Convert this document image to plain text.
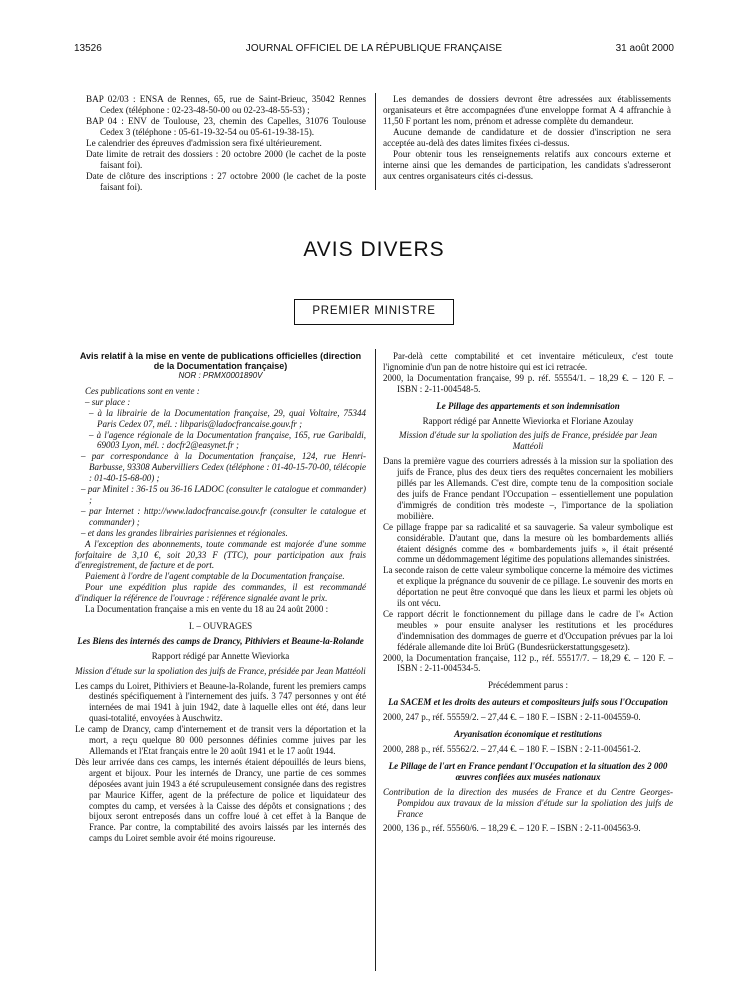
13526	JOURNAL OFFICIEL DE LA RÉPUBLIQUE FRANÇAISE	31 août 2000

BAP 02/03 : ENSA de Rennes, 65, rue de Saint-Brieuc, 35042 Rennes Cedex (téléphone : 02-23-48-50-00 ou 02-23-48-55-53) ;

BAP 04 : ENV de Toulouse, 23, chemin des Capelles, 31076 Toulouse Cedex 3 (téléphone : 05-61-19-32-54 ou 05-61-19-38-15).

Le calendrier des épreuves d'admission sera fixé ultérieurement.

Date limite de retrait des dossiers : 20 octobre 2000 (le cachet de la poste faisant foi).

Date de clôture des inscriptions : 27 octobre 2000 (le cachet de la poste faisant foi).

Les demandes de dossiers devront être adressées aux établissements organisateurs et être accompagnées d'une enveloppe format A 4 affranchie à 11,50 F portant les nom, prénom et adresse complète du demandeur.

Aucune demande de candidature et de dossier d'inscription ne sera acceptée au-delà des dates limites fixées ci-dessus.

Pour obtenir tous les renseignements relatifs aux concours externe et interne ainsi que les demandes de participation, les candidats s'adresseront aux centres organisateurs cités ci-dessus.

AVIS DIVERS
PREMIER MINISTRE

Avis relatif à la mise en vente de publications officielles (direction de la Documentation française)

NOR : PRMX0001890V

Ces publications sont en vente :

– sur place :

– à la librairie de la Documentation française, 29, quai Voltaire, 75344 Paris Cedex 07, mél. : libparis@ladocfrancaise.gouv.fr ;

– à l'agence régionale de la Documentation française, 165, rue Garibaldi, 69003 Lyon, mél. : docfr2@easynet.fr ;

– par correspondance à la Documentation française, 124, rue Henri-Barbusse, 93308 Aubervilliers Cedex (téléphone : 01-40-15-70-00, télécopie : 01-40-15-68-00) ;

– par Minitel : 36-15 ou 36-16 LADOC (consulter le catalogue et commander) ;

– par Internet : http://www.ladocfrancaise.gouv.fr (consulter le catalogue et commander) ;

– et dans les grandes librairies parisiennes et régionales.

A l'exception des abonnements, toute commande est majorée d'une somme forfaitaire de 3,10 €, soit 20,33 F (TTC), pour participation aux frais d'enregistrement, de facture et de port.

Paiement à l'ordre de l'agent comptable de la Documentation française.

Pour une expédition plus rapide des commandes, il est recommandé d'indiquer la référence de l'ouvrage : référence signalée avant le prix.

La Documentation française a mis en vente du 18 au 24 août 2000 :

I. – OUVRAGES

Les Biens des internés des camps de Drancy, Pithiviers et Beaune-la-Rolande

Rapport rédigé par Annette Wieviorka

Mission d'étude sur la spoliation des juifs de France, présidée par Jean Mattéoli

Les camps du Loiret, Pithiviers et Beaune-la-Rolande, furent les premiers camps destinés spécifiquement à l'internement des juifs. 3 747 personnes y ont été internées de mai 1941 à juin 1942, date à laquelle elles ont été, dans leur quasi-totalité, envoyées à Auschwitz.

Le camp de Drancy, camp d'internement et de transit vers la déportation et la mort, a reçu quelque 80 000 personnes définies comme juives par les Allemands et l'Etat français entre le 20 août 1941 et le 17 août 1944.

Dès leur arrivée dans ces camps, les internés étaient dépouillés de leurs biens, argent et bijoux. Pour les internés de Drancy, une partie de ces sommes déposées avant juin 1943 a été scrupuleusement consignée dans des registres par Maurice Kiffer, agent de la préfecture de police et liquidateur des comptes du camp, et versées à la Caisse des dépôts et consignations ; des bijoux seront entreposés dans un coffre loué à cet effet à la Banque de France. Par contre, la comptabilité des avoirs laissés par les internés des camps du Loiret semble avoir été moins rigoureuse.

Par-delà cette comptabilité et cet inventaire méticuleux, c'est toute l'ignominie d'un pan de notre histoire qui est ici retracée.

2000, la Documentation française, 99 p. réf. 55554/1. – 18,29 €. – 120 F. – ISBN : 2-11-004548-5.

Le Pillage des appartements et son indemnisation

Rapport rédigé par Annette Wieviorka et Floriane Azoulay

Mission d'étude sur la spoliation des juifs de France, présidée par Jean Mattéoli

Dans la première vague des courriers adressés à la mission sur la spoliation des juifs de France, plus des deux tiers des requêtes concernaient les mobiliers pillés par les Allemands. C'est dire, compte tenu de la composition sociale des juifs de France pendant l'Occupation – essentiellement une population d'immigrés de condition très modeste –, l'importance de la spoliation mobilière.

Ce pillage frappe par sa radicalité et sa sauvagerie. Sa valeur symbolique est considérable. D'autant que, dans la mesure où les bombardements alliés étaient désignés comme des « bombardements juifs », il était présenté comme un dédommagement légitime des populations allemandes sinistrées.

La seconde raison de cette valeur symbolique concerne la mémoire des victimes et explique la prégnance du souvenir de ce pillage. Le souvenir des morts en déportation ne peut être convoqué que dans les lieux et parmi les objets où ils ont vécu.

Ce rapport décrit le fonctionnement du pillage dans le cadre de l'« Action meubles » pour ensuite analyser les restitutions et les procédures d'indemnisation des dommages de guerre et d'Occupation prévues par la loi fédérale allemande dite loi BrüG (Bundesrückerstattungsgesetz).

2000, la Documentation française, 112 p., réf. 55517/7. – 18,29 €. – 120 F. – ISBN : 2-11-004534-5.

Précédemment parus :

La SACEM et les droits des auteurs et compositeurs juifs sous l'Occupation

2000, 247 p., réf. 55559/2. – 27,44 €. – 180 F. – ISBN : 2-11-004559-0.

Aryanisation économique et restitutions

2000, 288 p., réf. 55562/2. – 27,44 €. – 180 F. – ISBN : 2-11-004561-2.

Le Pillage de l'art en France pendant l'Occupation et la situation des 2 000 œuvres confiées aux musées nationaux

Contribution de la direction des musées de France et du Centre Georges-Pompidou aux travaux de la mission d'étude sur la spoliation des juifs de France

2000, 136 p., réf. 55560/6. – 18,29 €. – 120 F. – ISBN : 2-11-004563-9.
